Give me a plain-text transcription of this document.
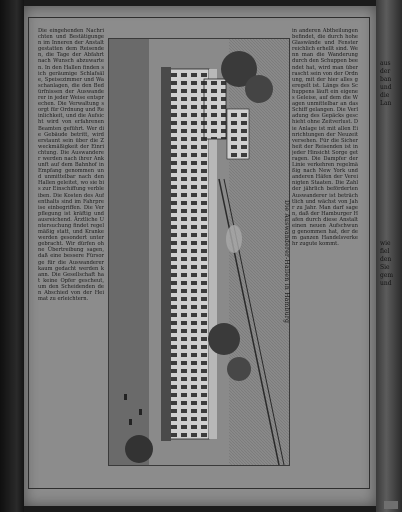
Die eingehenden Nachrichten und Bestätigungen im Inneren der Anstalt gestatten dem Reisenden, die Tage der Abfahrt nach Wunsch abzuwarten. In den Hallen finden sich geräumige Schlafsäle, Speisezimmer und Waschanlagen, die den Bedürfnissen der Auswanderer in jeder Weise entsprechen. Die Verwaltung sorgt für Ordnung und Reinlichkeit, und die Aufsicht wird von erfahrenen Beamten geführt. Wer die Gebäude betritt, wird erstaunt sein über die Zweckmäßigkeit der Einrichtung. Die Auswanderer werden nach ihrer Ankunft auf dem Bahnhof in Empfang genommen und unmittelbar nach den Hallen geleitet, wo sie bis zur Einschiffung verbleiben. Die Kosten des Aufenthalts sind im Fahrpreise einbegriffen. Die Verpflegung ist kräftig und ausreichend. Ärztliche Untersuchung findet regelmäßig statt, und Kranke werden gesondert untergebracht. Wir dürfen ohne Übertreibung sagen, daß eine bessere Fürsorge für die Auswanderer kaum gedacht werden kann. Die Gesellschaft hat keine Opfer gescheut, um den Scheidenden den Abschied von der Heimat zu erleichtern.	Die Auswanderer-Hallen in Hamburg
in anderen Abtheilungen befindet, die durch hohe Glaswände und Fenster reichlich erhellt sind. Wenn man die Wanderung durch den Schuppen beendet hat, wird man überrascht sein von der Ordnung, mit der hier alles geregelt ist. Längs des Schuppens läuft ein eigenes Geleise, auf dem die Wagen unmittelbar an das Schiff gelangen. Die Verladung des Gepäcks geschieht ohne Zeitverlust. Die Anlage ist mit allen Einrichtungen der Neuzeit versehen. Für die Sicherheit der Reisenden ist in jeder Hinsicht Sorge getragen. Die Dampfer der Linie verkehren regelmäßig nach New York und anderen Häfen der Vereinigten Staaten. Die Zahl der jährlich beförderten Auswanderer ist beträchtlich und wächst von Jahr zu Jahr. Man darf sagen, daß der Hamburger Hafen durch diese Anstalt einen neuen Aufschwung genommen hat, der dem ganzen Handelsverkehr zugute kommt.
aus
der
ban
und
die
Lan
wie
fiel
den
Sie
gem
und
